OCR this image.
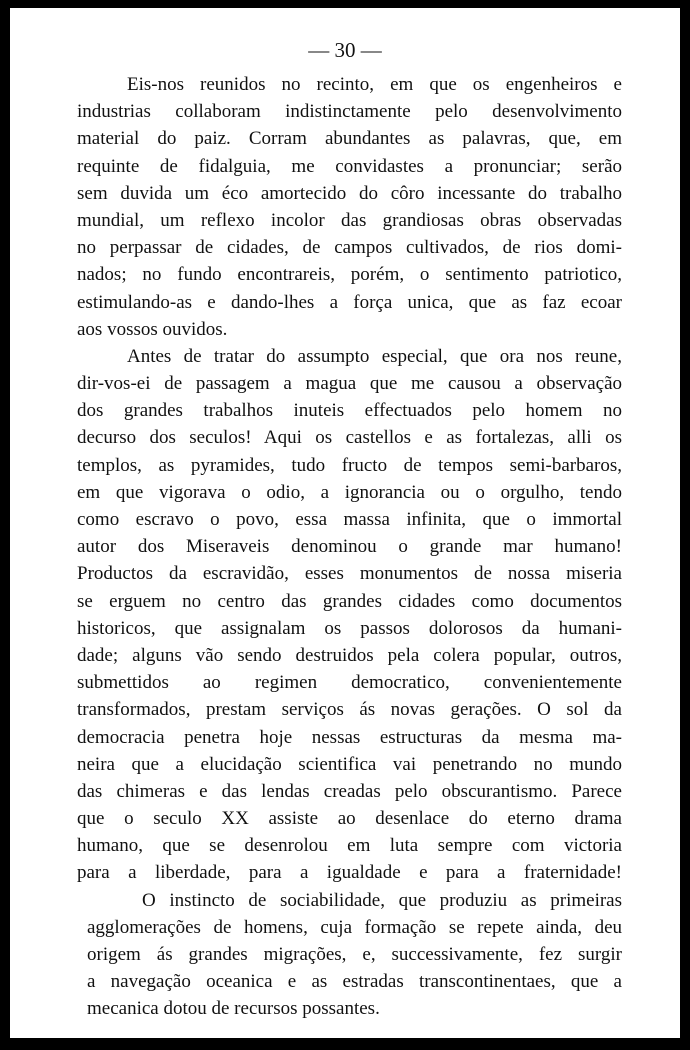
— 30 —
Eis-nos reunidos no recinto, em que os engenheiros e
industrias collaboram indistinctamente pelo desenvolvimento
material do paiz. Corram abundantes as palavras, que, em
requinte de fidalguia, me convidastes a pronunciar; serão
sem duvida um éco amortecido do côro incessante do trabalho
mundial, um reflexo incolor das grandiosas obras observadas
no perpassar de cidades, de campos cultivados, de rios domi-
nados; no fundo encontrareis, porém, o sentimento patriotico,
estimulando-as e dando-lhes a força unica, que as faz ecoar
aos vossos ouvidos.
Antes de tratar do assumpto especial, que ora nos reune,
dir-vos-ei de passagem a magua que me causou a observação
dos grandes trabalhos inuteis effectuados pelo homem no
decurso dos seculos! Aqui os castellos e as fortalezas, alli os
templos, as pyramides, tudo fructo de tempos semi-barbaros,
em que vigorava o odio, a ignorancia ou o orgulho, tendo
como escravo o povo, essa massa infinita, que o immortal
autor dos Miseraveis denominou o grande mar humano!
Productos da escravidão, esses monumentos de nossa miseria
se erguem no centro das grandes cidades como documentos
historicos, que assignalam os passos dolorosos da humani-
dade; alguns vão sendo destruidos pela colera popular, outros,
submettidos ao regimen democratico, convenientemente
transformados, prestam serviços ás novas gerações. O sol da
democracia penetra hoje nessas estructuras da mesma ma-
neira que a elucidação scientifica vai penetrando no mundo
das chimeras e das lendas creadas pelo obscurantismo. Parece
que o seculo XX assiste ao desenlace do eterno drama
humano, que se desenrolou em luta sempre com victoria
para a liberdade, para a igualdade e para a fraternidade!
O instincto de sociabilidade, que produziu as primeiras
agglomerações de homens, cuja formação se repete ainda, deu
origem ás grandes migrações, e, successivamente, fez surgir
a navegação oceanica e as estradas transcontinentaes, que a
mecanica dotou de recursos possantes.
